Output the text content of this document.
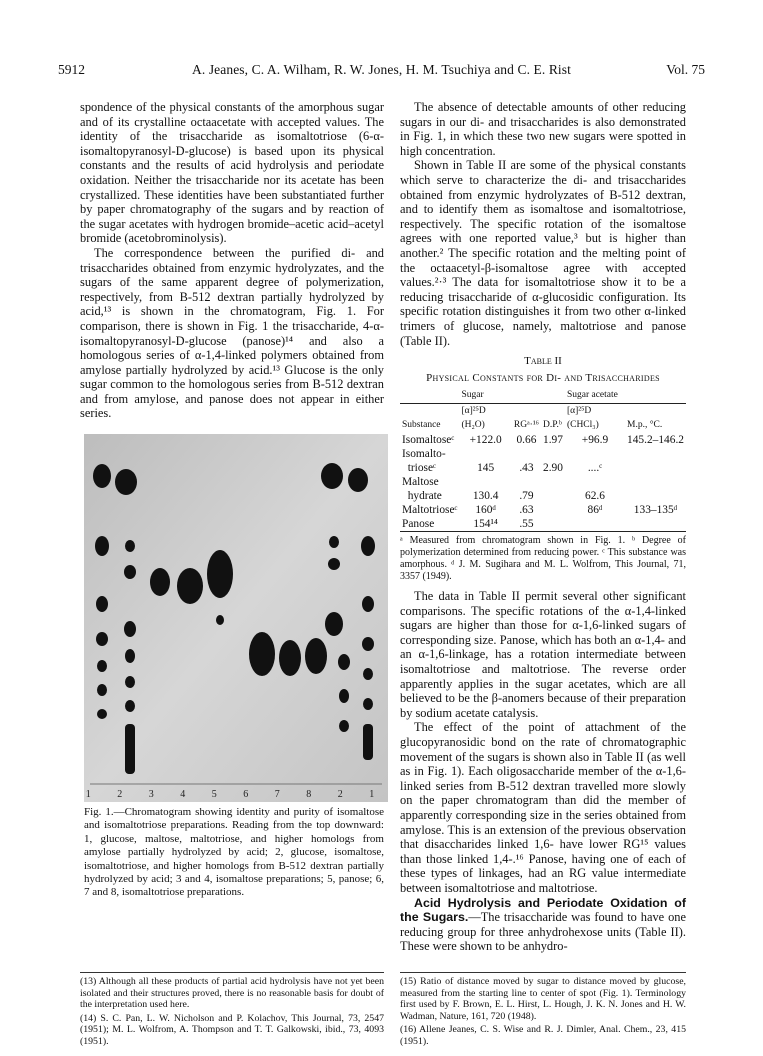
5912	A. Jeanes, C. A. Wilham, R. W. Jones, H. M. Tsuchiya and C. E. Rist	Vol. 75

spondence of the physical constants of the amorphous sugar and of its crystalline octaacetate with accepted values. The identity of the trisaccharide as isomaltotriose (6-α-isomaltopyranosyl-D-glucose) is based upon its physical constants and the results of acid hydrolysis and periodate oxidation. Neither the trisaccharide nor its acetate has been crystallized. These identities have been substantiated further by paper chromatography of the sugars and by reaction of the sugar acetates with hydrogen bromide–acetic acid–acetyl bromide (acetobrominolysis).

The correspondence between the purified di- and trisaccharides obtained from enzymic hydrolyzates, and the sugars of the same apparent degree of polymerization, respectively, from B-512 dextran partially hydrolyzed by acid,¹³ is shown in the chromatogram, Fig. 1. For comparison, there is shown in Fig. 1 the trisaccharide, 4-α-isomaltopyranosyl-D-glucose (panose)¹⁴ and also a homologous series of α-1,4-linked polymers obtained from amylose partially hydrolyzed by acid.¹³ Glucose is the only sugar common to the homologous series from B-512 dextran and from amylose, and panose does not appear in either series.

1 2 3 4 5 6 7 8 2 1
Fig. 1.—Chromatogram showing identity and purity of isomaltose and isomaltotriose preparations. Reading from the top downward: 1, glucose, maltose, maltotriose, and higher homologs from amylose partially hydrolyzed by acid; 2, glucose, isomaltose, isomaltotriose, and higher homologs from B-512 dextran partially hydrolyzed by acid; 3 and 4, isomaltose preparations; 5, panose; 6, 7 and 8, isomaltotriose preparations.

The absence of detectable amounts of other reducing sugars in our di- and trisaccharides is also demonstrated in Fig. 1, in which these two new sugars were spotted in high concentration.

Shown in Table II are some of the physical constants which serve to characterize the di- and trisaccharides obtained from enzymic hydrolyzates of B-512 dextran, and to identify them as isomaltose and isomaltotriose, respectively. The specific rotation of the isomaltose agrees with one reported value,³ but is higher than another.² The specific rotation and the melting point of the octaacetyl-β-isomaltose agree with accepted values.²·³ The data for isomaltotriose show it to be a reducing trisaccharide of α-glucosidic configuration. Its specific rotation distinguishes it from two other α-linked trimers of glucose, namely, maltotriose and panose (Table II).

Table II
Physical Constants for Di- and Trisaccharides
	Sugar			Sugar acetate	
Substance	[α]²⁵D (H₂O)	RGᵃ·¹⁶	D.P.ᵇ	[α]²⁵D (CHCl₃)	M.p., °C.
Isomaltoseᶜ	+122.0	0.66	1.97	+96.9	145.2–146.2
Isomalto-					
trioseᶜ	145	.43	2.90	....ᶜ	
Maltose					
hydrate	130.4	.79		62.6	
Maltotrioseᶜ	160ᵈ	.63		86ᵈ	133–135ᵈ
Panose	154¹⁴	.55			
ᵃ Measured from chromatogram shown in Fig. 1. ᵇ Degree of polymerization determined from reducing power. ᶜ This substance was amorphous. ᵈ J. M. Sugihara and M. L. Wolfrom, This Journal, 71, 3357 (1949).

The data in Table II permit several other significant comparisons. The specific rotations of the α-1,4-linked sugars are higher than those for α-1,6-linked sugars of corresponding size. Panose, which has both an α-1,4- and an α-1,6-linkage, has a rotation intermediate between isomaltotriose and maltotriose. The reverse order apparently applies in the sugar acetates, which are all believed to be the β-anomers because of their preparation by sodium acetate catalysis.

The effect of the point of attachment of the glucopyranosidic bond on the rate of chromatographic movement of the sugars is shown also in Table II (as well as in Fig. 1). Each oligosaccharide member of the α-1,6-linked series from B-512 dextran travelled more slowly on the paper chromatogram than did the member of apparently corresponding size in the series obtained from amylose. This is an extension of the previous observation that disaccharides linked 1,6- have lower RG¹⁵ values than those linked 1,4-.¹⁶ Panose, having one of each of these types of linkages, had an RG value intermediate between isomaltotriose and maltotriose.

Acid Hydrolysis and Periodate Oxidation of the Sugars.—The trisaccharide was found to have one reducing group for three anhydrohexose units (Table II). These were shown to be anhydro-

(13) Although all these products of partial acid hydrolysis have not yet been isolated and their structures proved, there is no reasonable basis for doubt of the interpretation used here.

(14) S. C. Pan, L. W. Nicholson and P. Kolachov, This Journal, 73, 2547 (1951); M. L. Wolfrom, A. Thompson and T. T. Galkowski, ibid., 73, 4093 (1951).

(15) Ratio of distance moved by sugar to distance moved by glucose, measured from the starting line to center of spot (Fig. 1). Terminology first used by F. Brown, E. L. Hirst, L. Hough, J. K. N. Jones and H. W. Wadman, Nature, 161, 720 (1948).

(16) Allene Jeanes, C. S. Wise and R. J. Dimler, Anal. Chem., 23, 415 (1951).
